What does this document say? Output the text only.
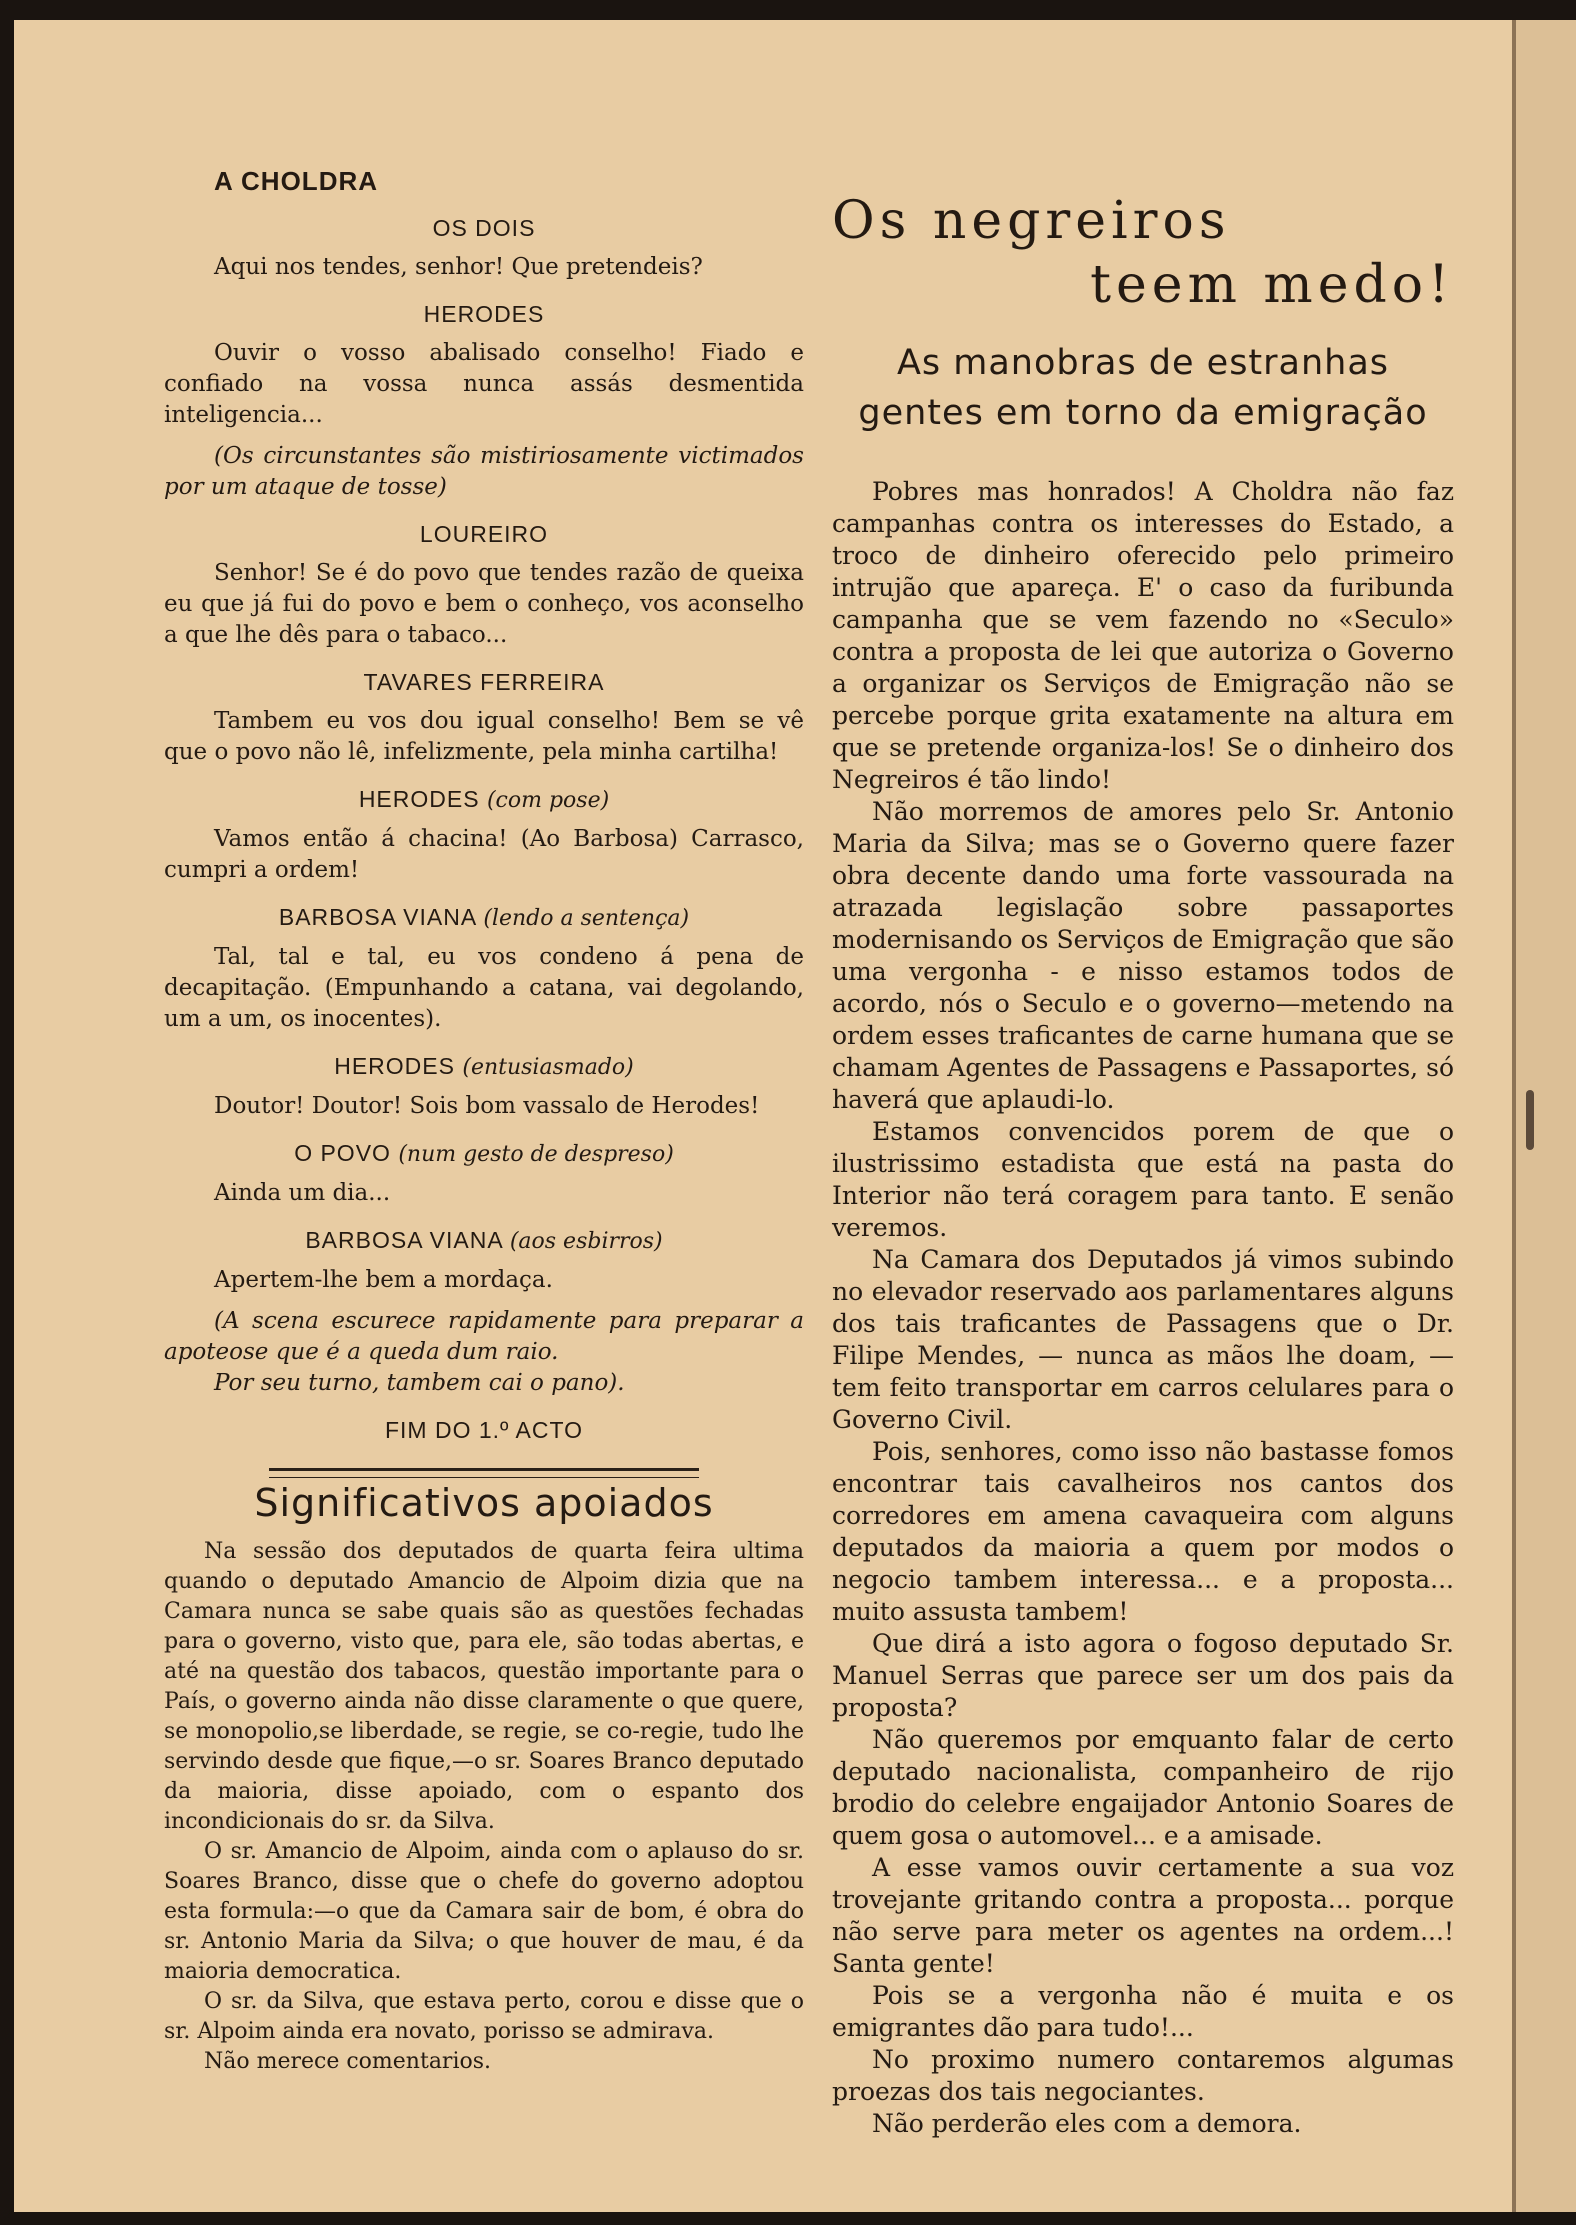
A CHOLDRA
OS DOIS

Aqui nos tendes, senhor! Que pretendeis?

HERODES

Ouvir o vosso abalisado conselho! Fiado e confiado na vossa nunca assás desmentida inteligencia...

(Os circunstantes são mistiriosamente victimados por um ataque de tosse)

LOUREIRO

Senhor! Se é do povo que tendes razão de queixa eu que já fui do povo e bem o conheço, vos aconselho a que lhe dês para o tabaco...

TAVARES FERREIRA

Tambem eu vos dou igual conselho! Bem se vê que o povo não lê, infelizmente, pela minha cartilha!

HERODES (com pose)

Vamos então á chacina! (Ao Barbosa) Carrasco, cumpri a ordem!

BARBOSA VIANA (lendo a sentença)

Tal, tal e tal, eu vos condeno á pena de decapitação. (Empunhando a catana, vai degolando, um a um, os inocentes).

HERODES (entusiasmado)

Doutor! Doutor! Sois bom vassalo de Herodes!

O POVO (num gesto de despreso)

Ainda um dia...

BARBOSA VIANA (aos esbirros)

Apertem-lhe bem a mordaça.

(A scena escurece rapidamente para preparar a apoteose que é a queda dum raio.

Por seu turno, tambem cai o pano).

FIM DO 1.º ACTO
Significativos apoiados

Na sessão dos deputados de quarta feira ultima quando o deputado Amancio de Alpoim dizia que na Camara nunca se sabe quais são as questões fechadas para o governo, visto que, para ele, são todas abertas, e até na questão dos tabacos, questão importante para o País, o governo ainda não disse claramente o que quere, se monopolio,se liberdade, se regie, se co-regie, tudo lhe servindo desde que fique,—o sr. Soares Branco deputado da maioria, disse apoiado, com o espanto dos incondicionais do sr. da Silva.

O sr. Amancio de Alpoim, ainda com o aplauso do sr. Soares Branco, disse que o chefe do governo adoptou esta formula:—o que da Camara sair de bom, é obra do sr. Antonio Maria da Silva; o que houver de mau, é da maioria democratica.

O sr. da Silva, que estava perto, corou e disse que o sr. Alpoim ainda era novato, porisso se admirava.

Não merece comentarios.

Os negreiros
teem medo!
As manobras de estranhas
gentes em torno da emigração

Pobres mas honrados! A Choldra não faz campanhas contra os interesses do Estado, a troco de dinheiro oferecido pelo primeiro intrujão que apareça. E' o caso da furibunda campanha que se vem fazendo no «Seculo» contra a proposta de lei que autoriza o Governo a organizar os Serviços de Emigração não se percebe porque grita exatamente na altura em que se pretende organiza-los! Se o dinheiro dos Negreiros é tão lindo!

Não morremos de amores pelo Sr. Antonio Maria da Silva; mas se o Governo quere fazer obra decente dando uma forte vassourada na atrazada legislação sobre passaportes modernisando os Serviços de Emigração que são uma vergonha - e nisso estamos todos de acordo, nós o Seculo e o governo—metendo na ordem esses traficantes de carne humana que se chamam Agentes de Passagens e Passaportes, só haverá que aplaudi-lo.

Estamos convencidos porem de que o ilustrissimo estadista que está na pasta do Interior não terá coragem para tanto. E senão veremos.

Na Camara dos Deputados já vimos subindo no elevador reservado aos parlamentares alguns dos tais traficantes de Passagens que o Dr. Filipe Mendes, — nunca as mãos lhe doam, — tem feito transportar em carros celulares para o Governo Civil.

Pois, senhores, como isso não bastasse fomos encontrar tais cavalheiros nos cantos dos corredores em amena cavaqueira com alguns deputados da maioria a quem por modos o negocio tambem interessa... e a proposta... muito assusta tambem!

Que dirá a isto agora o fogoso deputado Sr. Manuel Serras que parece ser um dos pais da proposta?

Não queremos por emquanto falar de certo deputado nacionalista, companheiro de rijo brodio do celebre engaijador Antonio Soares de quem gosa o automovel... e a amisade.

A esse vamos ouvir certamente a sua voz trovejante gritando contra a proposta... porque não serve para meter os agentes na ordem...! Santa gente!

Pois se a vergonha não é muita e os emigrantes dão para tudo!...

No proximo numero contaremos algumas proezas dos tais negociantes.

Não perderão eles com a demora.
